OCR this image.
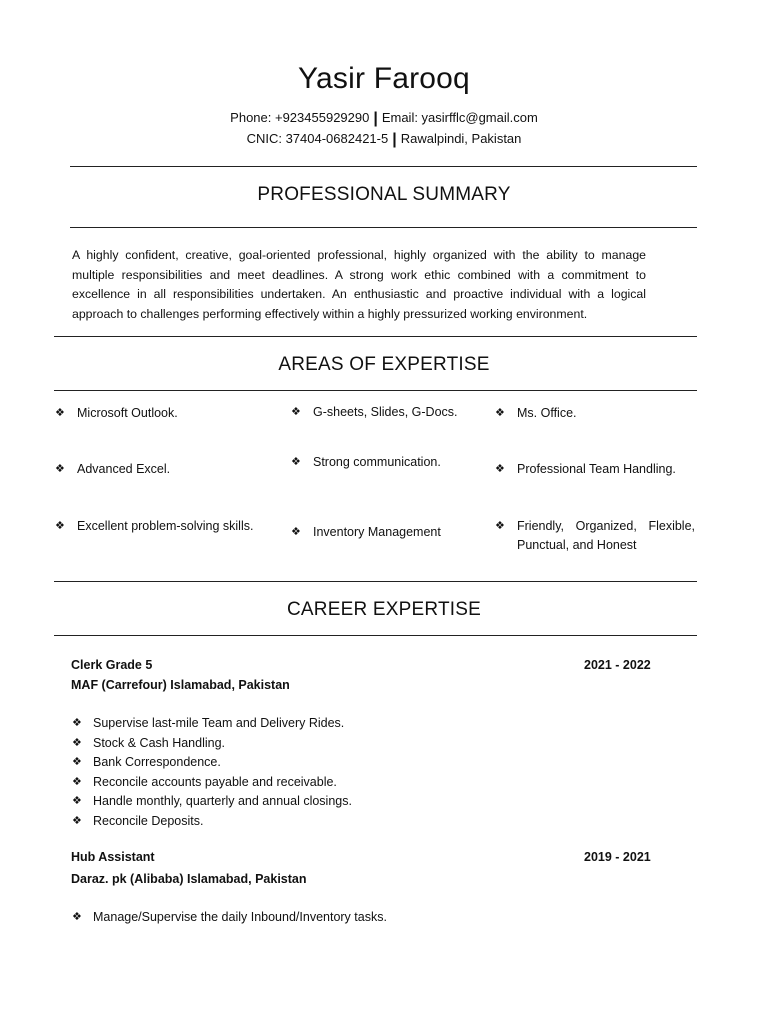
Yasir Farooq
Phone: +923455929290 | Email: yasirfflc@gmail.com
CNIC: 37404-0682421-5 | Rawalpindi, Pakistan
PROFESSIONAL SUMMARY
A highly confident, creative, goal-oriented professional, highly organized with the ability to manage multiple responsibilities and meet deadlines. A strong work ethic combined with a commitment to excellence in all responsibilities undertaken. An enthusiastic and proactive individual with a logical approach to challenges performing effectively within a highly pressurized working environment.
AREAS OF EXPERTISE
❖ Microsoft Outlook.	❖ G-sheets, Slides, G-Docs.	❖ Ms. Office.
❖ Advanced Excel.	❖ Strong communication.	❖ Professional Team Handling.
❖ Excellent problem-solving skills.	❖ Inventory Management	❖ Friendly, Organized, Flexible, Punctual, and Honest
CAREER EXPERTISE
Clerk Grade 5	2021 - 2022
MAF (Carrefour) Islamabad, Pakistan
❖ Supervise last-mile Team and Delivery Rides.
❖ Stock & Cash Handling.
❖ Bank Correspondence.
❖ Reconcile accounts payable and receivable.
❖ Handle monthly, quarterly and annual closings.
❖ Reconcile Deposits.
Hub Assistant	2019 - 2021
Daraz. pk (Alibaba) Islamabad, Pakistan
❖ Manage/Supervise the daily Inbound/Inventory tasks.
